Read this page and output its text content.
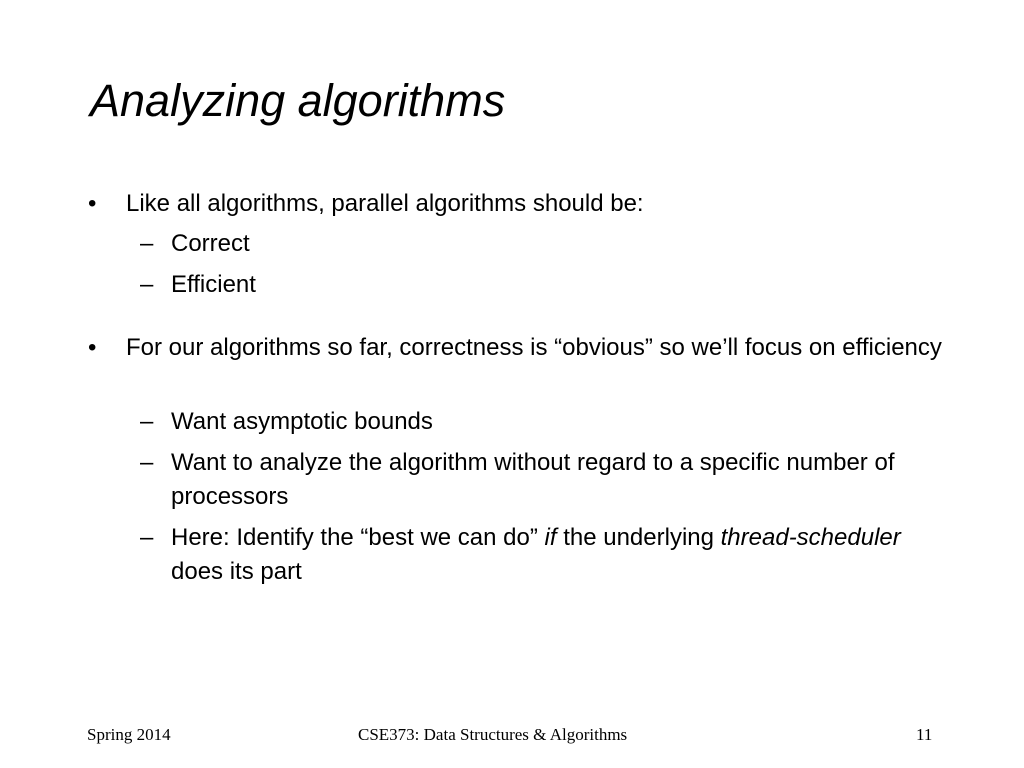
Analyzing algorithms
• Like all algorithms, parallel algorithms should be:
– Correct
– Efficient
• For our algorithms so far, correctness is “obvious” so we’ll focus on efficiency
– Want asymptotic bounds
– Want to analyze the algorithm without regard to a specific number of processors
– Here: Identify the “best we can do” if the underlying thread-scheduler does its part
Spring 2014	CSE373: Data Structures & Algorithms	11
